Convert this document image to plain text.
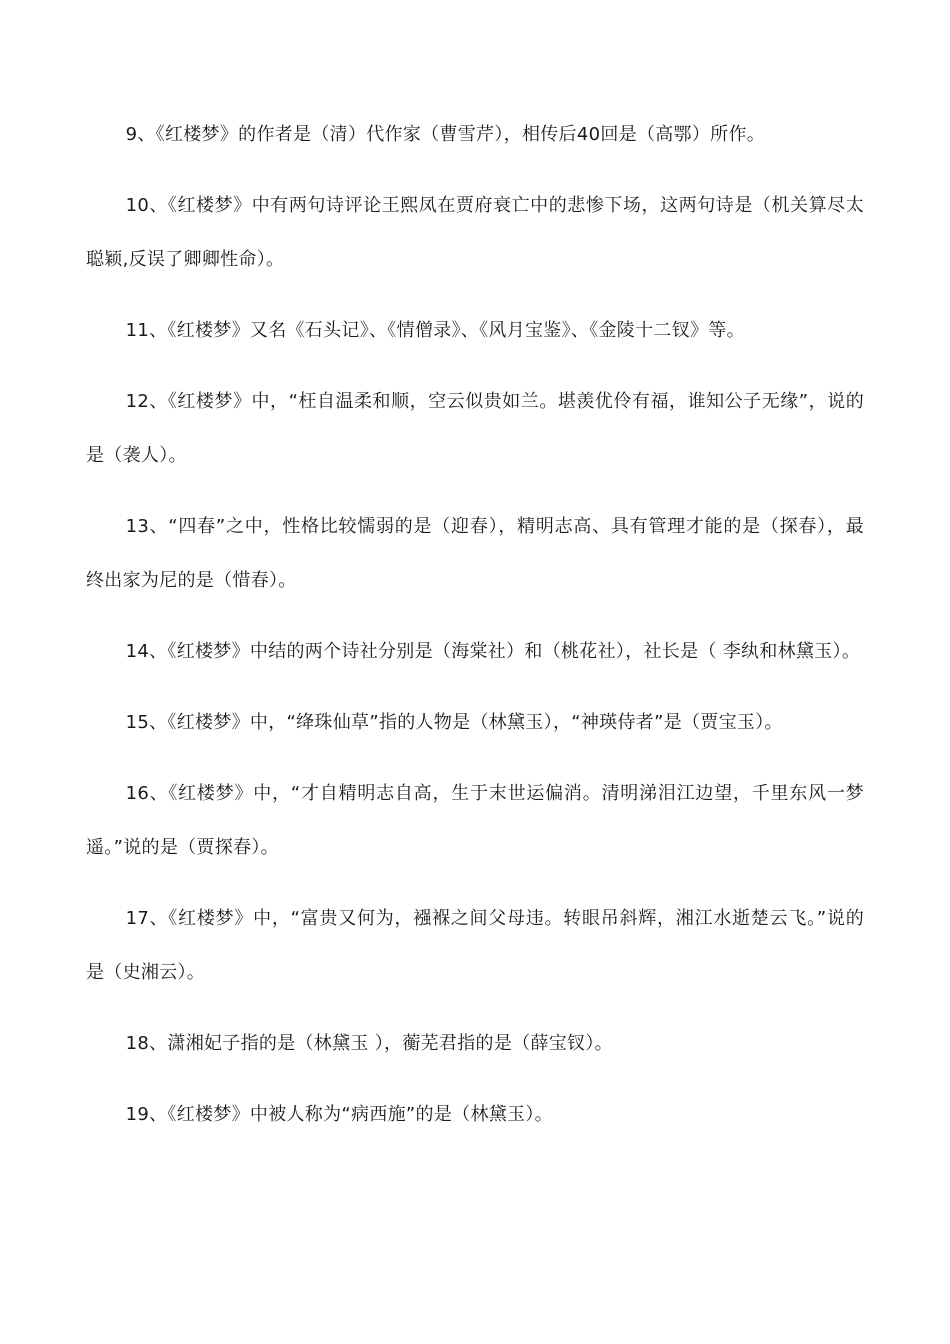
9、《红楼梦》的作者是（清）代作家（曹雪芹），相传后40回是（高鄂）所作。

10、《红楼梦》中有两句诗评论王熙凤在贾府衰亡中的悲惨下场，这两句诗是（机关算尽太聪颖,反误了卿卿性命）。

11、《红楼梦》又名《石头记》、《情僧录》、《风月宝鉴》、《金陵十二钗》等。

12、《红楼梦》中，“枉自温柔和顺，空云似贵如兰。堪羡优伶有福，谁知公子无缘”，说的是（袭人）。

13、“四春”之中，性格比较懦弱的是（迎春），精明志高、具有管理才能的是（探春），最终出家为尼的是（惜春）。

14、《红楼梦》中结的两个诗社分别是（海棠社）和（桃花社），社长是（ 李纨和林黛玉）。

15、《红楼梦》中，“绛珠仙草”指的人物是（林黛玉），“神瑛侍者”是（贾宝玉）。

16、《红楼梦》中，“才自精明志自高，生于末世运偏消。清明涕泪江边望，千里东风一梦遥。”说的是（贾探春）。

17、《红楼梦》中，“富贵又何为，襁褓之间父母违。转眼吊斜辉，湘江水逝楚云飞。”说的是（史湘云）。

18、潇湘妃子指的是（林黛玉 ），蘅芜君指的是（薛宝钗）。

19、《红楼梦》中被人称为“病西施”的是（林黛玉）。
